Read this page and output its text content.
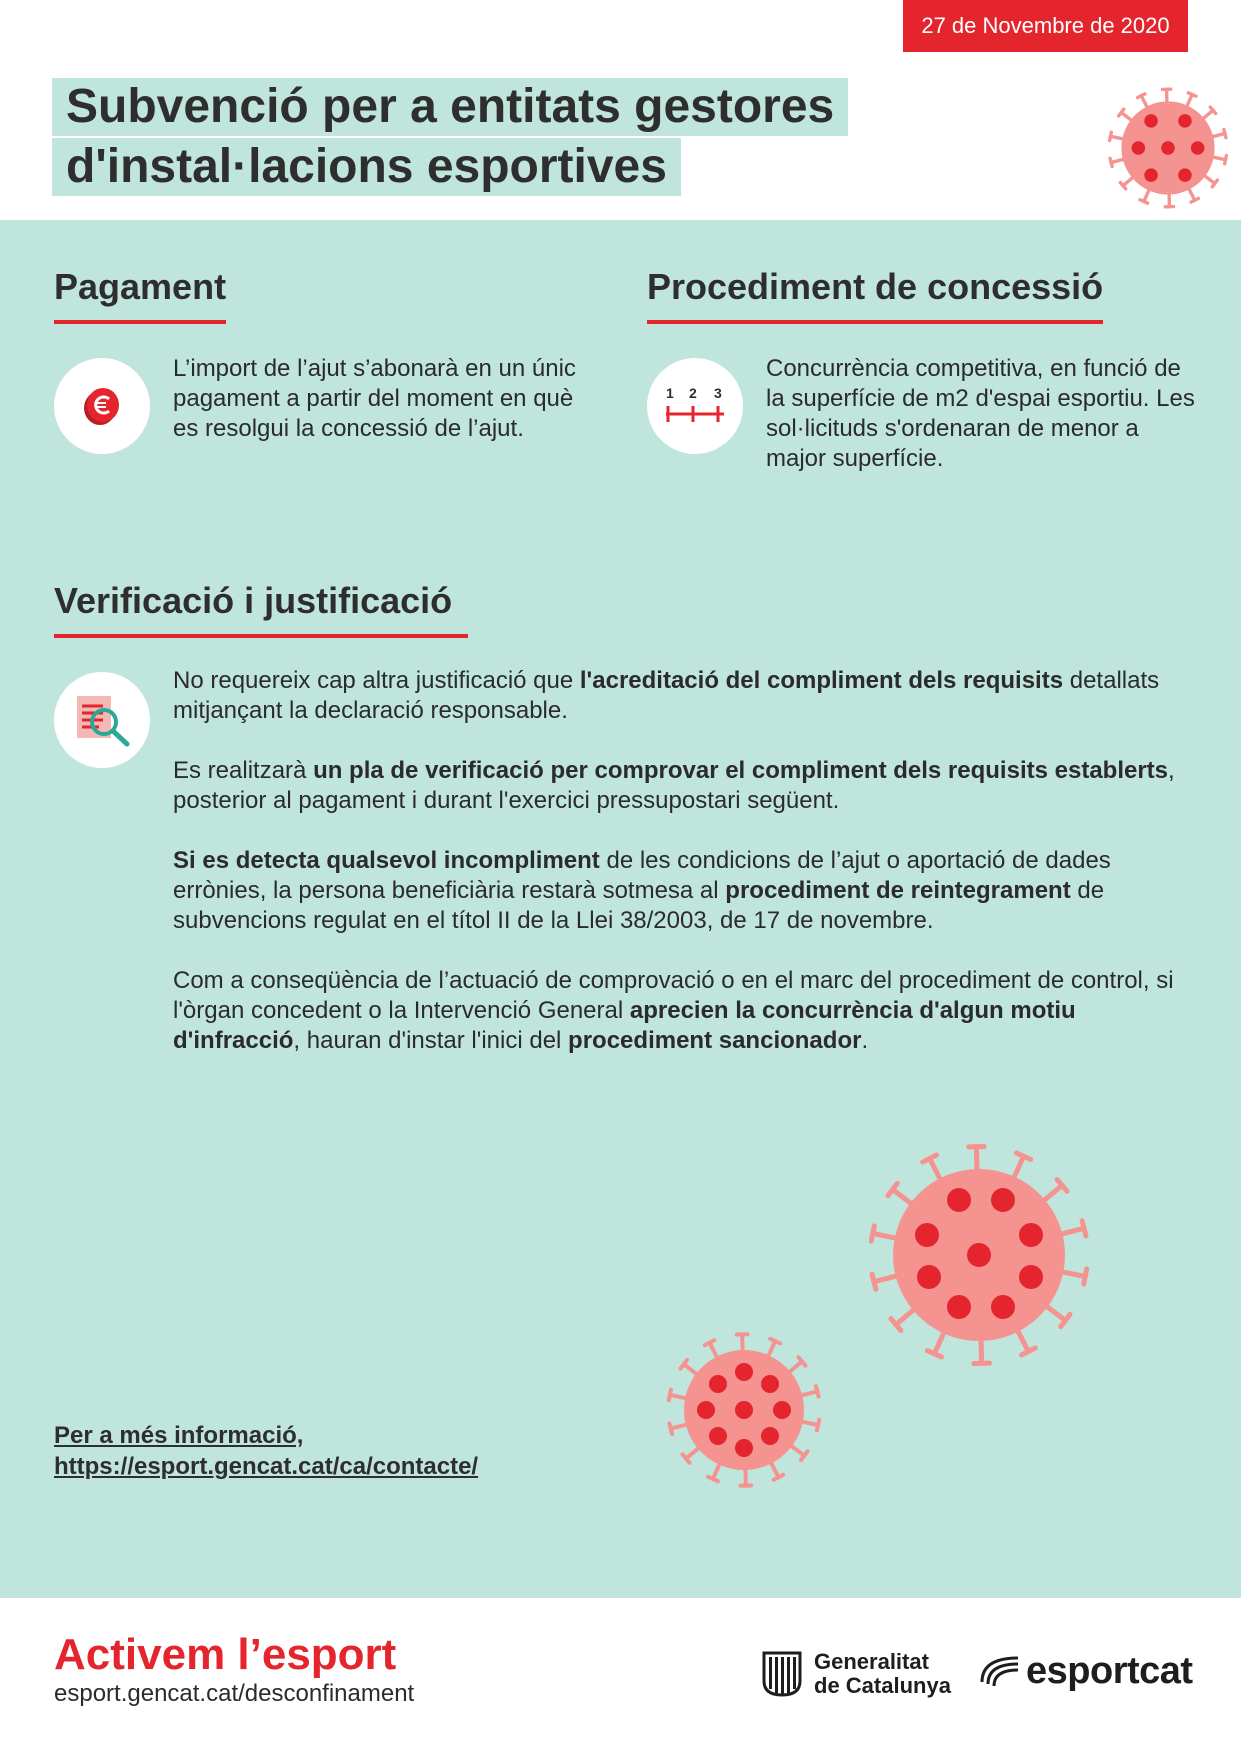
27 de Novembre de 2020
Subvenció per a entitats gestores
d'instal·lacions esportives
Pagament
L’import de l’ajut s’abonarà en un únic pagament a partir del moment en què es resolgui la concessió de l’ajut.
Procediment de concessió
1 2 3
Concurrència competitiva, en funció de la superfície de m2 d'espai esportiu. Les sol·licituds s'ordenaran de menor a major superfície.
Verificació i justificació

No requereix cap altra justificació que l'acreditació del compliment dels requisits detallats mitjançant la declaració responsable.

Es realitzarà un pla de verificació per comprovar el compliment dels requisits establerts, posterior al pagament i durant l'exercici pressupostari següent.

Si es detecta qualsevol incompliment de les condicions de l’ajut o aportació de dades errònies, la persona beneficiària restarà sotmesa al procediment de reintegrament de subvencions regulat en el títol II de la Llei 38/2003, de 17 de novembre.

Com a conseqüència de l’actuació de comprovació o en el marc del procediment de control, si l'òrgan concedent o la Intervenció General aprecien la concurrència d'algun motiu d'infracció, hauran d'instar l'inici del procediment sancionador.

Per a més informació,
https://esport.gencat.cat/ca/contacte/
Activem l’esport
esport.gencat.cat/desconfinament
Generalitat
de Catalunya esportcat
